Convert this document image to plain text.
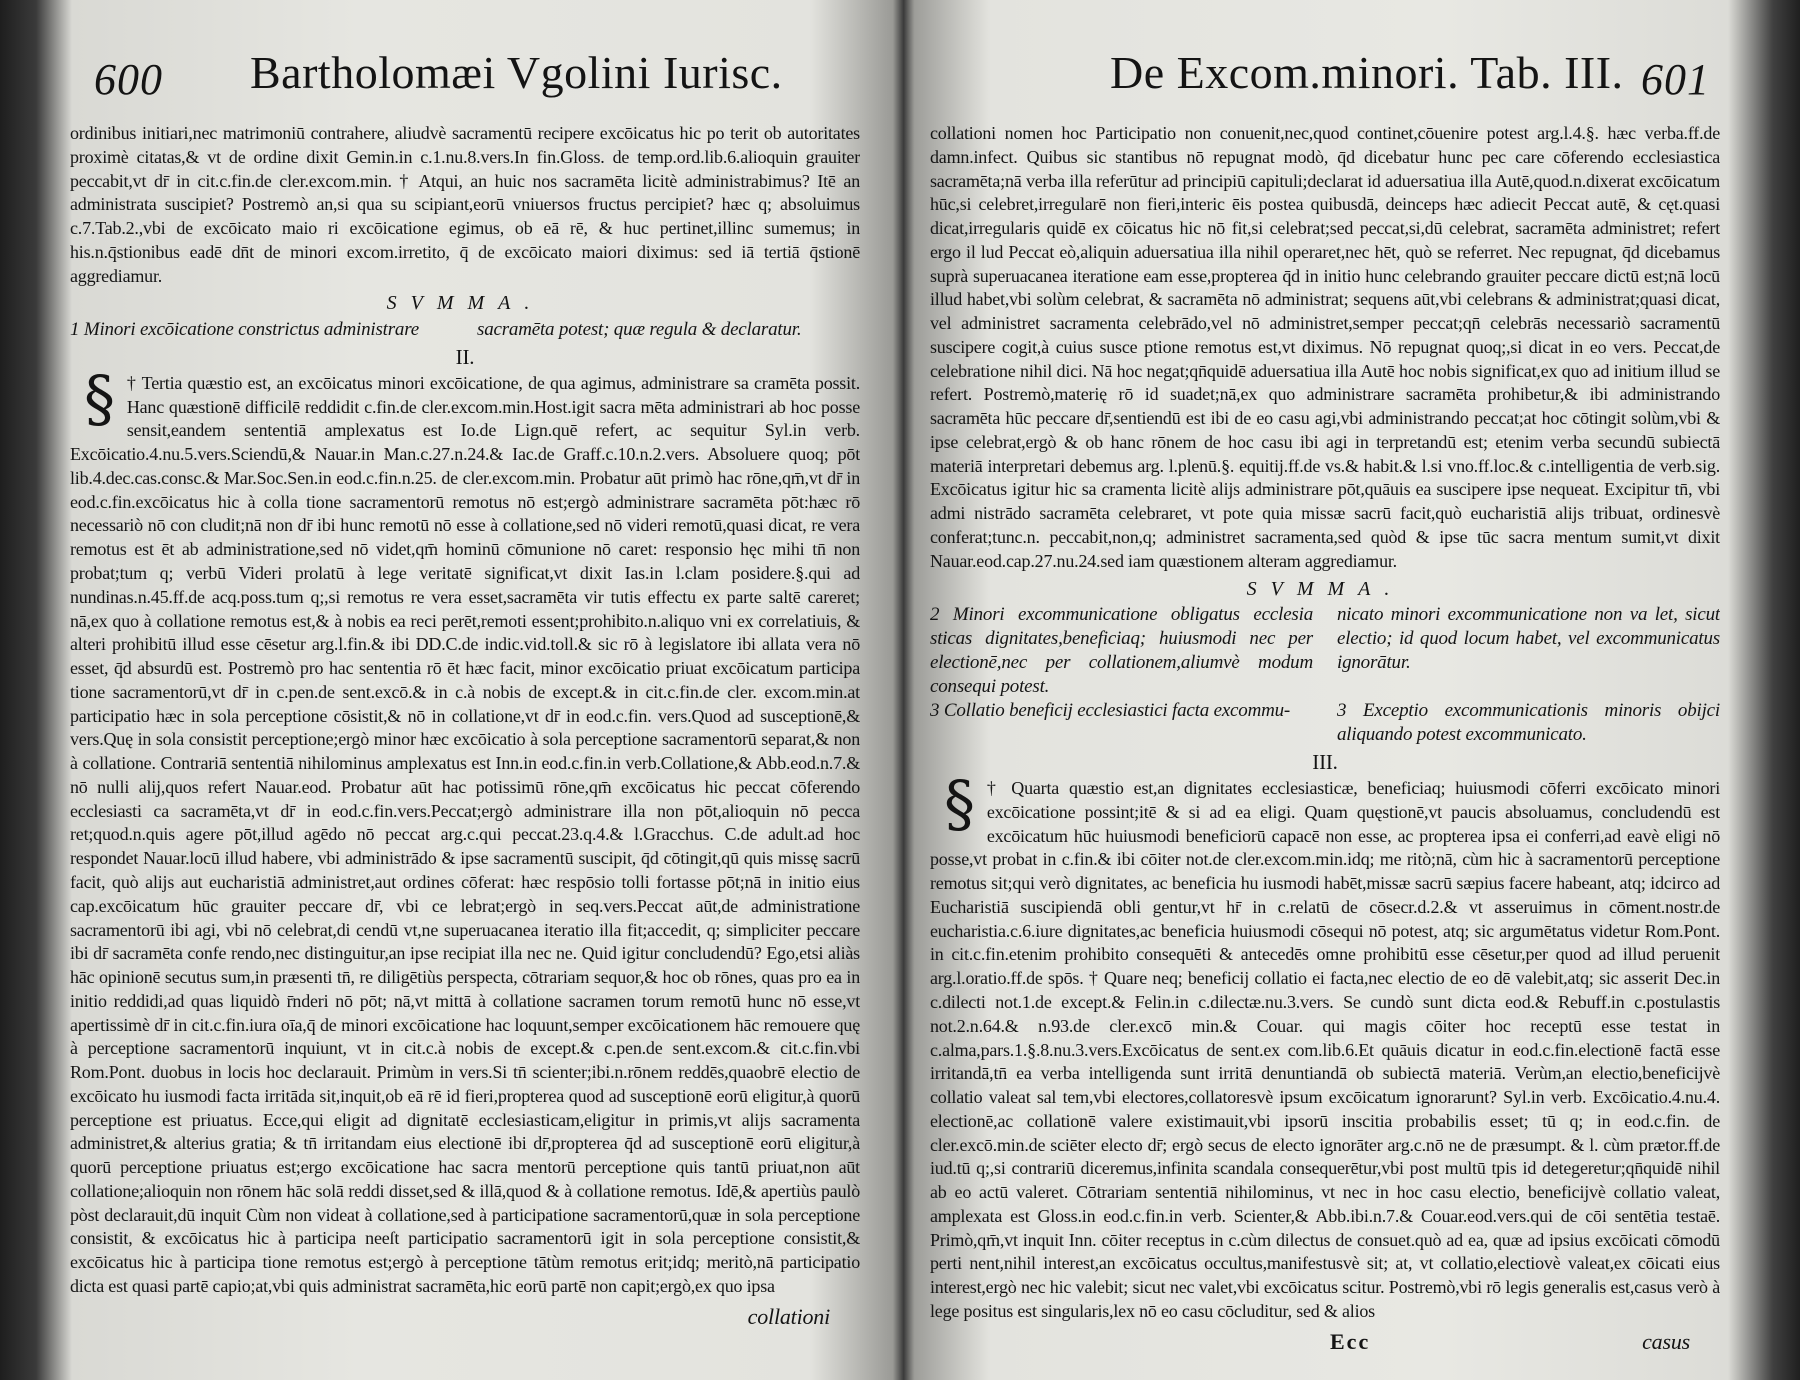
600 Bartholomæi Vgolini Iurisc.

ordinibus initiari,nec matrimoniū contrahere, aliudvè sacramentū recipere excōicatus hic po terit ob autoritates proximè citatas,& vt de ordine dixit Gemin.in c.1.nu.8.vers.In fin.Gloss. de temp.ord.lib.6.alioquin grauiter peccabit,vt dr̄ in cit.c.fin.de cler.excom.min. † Atqui, an huic nos sacramēta licitè administrabimus? Itē an administrata suscipiet? Postremò an,si qua su scipiant,eorū vniuersos fructus percipiet? hæc q; absoluimus c.7.Tab.2.,vbi de excōicato maio ri excōicatione egimus, ob eā rē, & huc pertinet,illinc sumemus; in his.n.q̄stionibus eadē dn̄t de minori excom.irretito, q̄ de excōicato maiori diximus: sed iā tertiā q̄stionē aggrediamur.

SVMMA.
1 Minori excōicatione constrictus administrare	sacramēta potest; quæ regula & declaratur.
II.

§ † Tertia quæstio est, an excōicatus minori excōicatione, de qua agimus, administrare sa cramēta possit. Hanc quæstionē difficilē reddidit c.fin.de cler.excom.min.Host.igit sacra mēta administrari ab hoc posse sensit,eandem sententiā amplexatus est Io.de Lign.quē refert, ac sequitur Syl.in verb. Excōicatio.4.nu.5.vers.Sciendū,& Nauar.in Man.c.27.n.24.& Iac.de Graff.c.10.n.2.vers. Absoluere quoq; pōt lib.4.dec.cas.consc.& Mar.Soc.Sen.in eod.c.fin.n.25. de cler.excom.min. Probatur aūt primò hac rōne,qm̄,vt dr̄ in eod.c.fin.excōicatus hic à colla tione sacramentorū remotus nō est;ergò administrare sacramēta pōt:hæc rō necessariò nō con cludit;nā non dr̄ ibi hunc remotū nō esse à collatione,sed nō videri remotū,quasi dicat, re vera remotus est ēt ab administratione,sed nō videt,qm̄ hominū cōmunione nō caret: responsio hęc mihi tn̄ non probat;tum q; verbū Videri prolatū à lege veritatē significat,vt dixit Ias.in l.clam posidere.§.qui ad nundinas.n.45.ff.de acq.poss.tum q;,si remotus re vera esset,sacramēta vir tutis effectu ex parte saltē careret; nā,ex quo à collatione remotus est,& à nobis ea reci perēt,remoti essent;prohibito.n.aliquo vni ex correlatiuis, & alteri prohibitū illud esse cēsetur arg.l.fin.& ibi DD.C.de indic.vid.toll.& sic rō à legislatore ibi allata vera nō esset, q̄d absurdū est. Postremò pro hac sententia rō ēt hæc facit, minor excōicatio priuat excōicatum participa tione sacramentorū,vt dr̄ in c.pen.de sent.excō.& in c.à nobis de except.& in cit.c.fin.de cler. excom.min.at participatio hæc in sola perceptione cōsistit,& nō in collatione,vt dr̄ in eod.c.fin. vers.Quod ad susceptionē,& vers.Quę in sola consistit perceptione;ergò minor hæc excōicatio à sola perceptione sacramentorū separat,& non à collatione. Contrariā sententiā nihilominus amplexatus est Inn.in eod.c.fin.in verb.Collatione,& Abb.eod.n.7.& nō nulli alij,quos refert Nauar.eod. Probatur aūt hac potissimū rōne,qm̄ excōicatus hic peccat cōferendo ecclesiasti ca sacramēta,vt dr̄ in eod.c.fin.vers.Peccat;ergò administrare illa non pōt,alioquin nō pecca ret;quod.n.quis agere pōt,illud agēdo nō peccat arg.c.qui peccat.23.q.4.& l.Gracchus. C.de adult.ad hoc respondet Nauar.locū illud habere, vbi administrādo & ipse sacramentū suscipit, q̄d cōtingit,qū quis missę sacrū facit, quò alijs aut eucharistiā administret,aut ordines cōferat: hæc respōsio tolli fortasse pōt;nā in initio eius cap.excōicatum hūc grauiter peccare dr̄, vbi ce lebrat;ergò in seq.vers.Peccat aūt,de administratione sacramentorū ibi agi, vbi nō celebrat,di cendū vt,ne superuacanea iteratio illa fit;accedit, q; simpliciter peccare ibi dr̄ sacramēta confe rendo,nec distinguitur,an ipse recipiat illa nec ne. Quid igitur concludendū? Ego,etsi aliàs hāc opinionē secutus sum,in præsenti tn̄, re diligētiùs perspecta, cōtrariam sequor,& hoc ob rōnes, quas pro ea in initio reddidi,ad quas liquidò r̄nderi nō pōt; nā,vt mittā à collatione sacramen torum remotū hunc nō esse,vt apertissimè dr̄ in cit.c.fin.iura oīa,q̄ de minori excōicatione hac loquunt,semper excōicationem hāc remouere quę à perceptione sacramentorū inquiunt, vt in cit.c.à nobis de except.& c.pen.de sent.excom.& cit.c.fin.vbi Rom.Pont. duobus in locis hoc declarauit. Primùm in vers.Si tn̄ scienter;ibi.n.rōnem reddēs,quaobrē electio de excōicato hu iusmodi facta irritāda sit,inquit,ob eā rē id fieri,propterea quod ad susceptionē eorū eligitur,à quorū perceptione est priuatus. Ecce,qui eligit ad dignitatē ecclesiasticam,eligitur in primis,vt alijs sacramenta administret,& alterius gratia; & tn̄ irritandam eius electionē ibi dr̄,propterea q̄d ad susceptionē eorū eligitur,à quorū perceptione priuatus est;ergo excōicatione hac sacra mentorū perceptione quis tantū priuat,non aūt collatione;alioquin non rōnem hāc solā reddi disset,sed & illā,quod & à collatione remotus. Idē,& apertiùs paulò pòst declarauit,dū inquit Cùm non videat à collatione,sed à participatione sacramentorū,quæ in sola perceptione consistit, & excōicatus hic à participa neeſt participatio sacramentorū igit in sola perceptione consistit,& excōicatus hic à participa tione remotus est;ergò à perceptione tātùm remotus erit;idq; meritò,nā participatio dicta est quasi partē capio;at,vbi quis administrat sacramēta,hic eorū partē non capit;ergò,ex quo ipsa

collationi
De Excom.minori. Tab. III. 601

collationi nomen hoc Participatio non conuenit,nec,quod continet,cōuenire potest arg.l.4.§. hæc verba.ff.de damn.infect. Quibus sic stantibus nō repugnat modò, q̄d dicebatur hunc pec care cōferendo ecclesiastica sacramēta;nā verba illa referūtur ad principiū capituli;declarat id aduersatiua illa Autē,quod.n.dixerat excōicatum hūc,si celebret,irregularē non fieri,interic ēis postea quibusdā, deinceps hæc adiecit Peccat autē, & cęt.quasi dicat,irregularis quidē ex cōicatus hic nō fit,si celebrat;sed peccat,si,dū celebrat, sacramēta administret; refert ergo il lud Peccat eò,aliquin aduersatiua illa nihil operaret,nec hēt, quò se referret. Nec repugnat, q̄d dicebamus suprà superuacanea iteratione eam esse,propterea q̄d in initio hunc celebrando grauiter peccare dictū est;nā locū illud habet,vbi solùm celebrat, & sacramēta nō administrat; sequens aūt,vbi celebrans & administrat;quasi dicat, vel administret sacramenta celebrādo,vel nō administret,semper peccat;qn̄ celebrās necessariò sacramentū suscipere cogit,à cuius susce ptione remotus est,vt diximus. Nō repugnat quoq;,si dicat in eo vers. Peccat,de celebratione nihil dici. Nā hoc negat;qn̄quidē aduersatiua illa Autē hoc nobis significat,ex quo ad initium illud se refert. Postremò,materię rō id suadet;nā,ex quo administrare sacramēta prohibetur,& ibi administrando sacramēta hūc peccare dr̄,sentiendū est ibi de eo casu agi,vbi administrando peccat;at hoc cōtingit solùm,vbi & ipse celebrat,ergò & ob hanc rōnem de hoc casu ibi agi in terpretandū est; etenim verba secundū subiectā materiā interpretari debemus arg. l.plenū.§. equitij.ff.de vs.& habit.& l.si vno.ff.loc.& c.intelligentia de verb.sig. Excōicatus igitur hic sa cramenta licitè alijs administrare pōt,quāuis ea suscipere ipse nequeat. Excipitur tn̄, vbi admi nistrādo sacramēta celebraret, vt pote quia missæ sacrū facit,quò eucharistiā alijs tribuat, ordinesvè conferat;tunc.n. peccabit,non,q; administret sacramenta,sed quòd & ipse tūc sacra mentum sumit,vt dixit Nauar.eod.cap.27.nu.24.sed iam quæstionem alteram aggrediamur.

SVMMA.
2 Minori excommunicatione obligatus ecclesia sticas dignitates,beneficiaq; huiusmodi nec per electionē,nec per collationem,aliumvè modum consequi potest.
nicato minori excommunicatione non va let, sicut electio; id quod locum habet, vel excommunicatus ignorātur.
3 Collatio beneficij ecclesiastici facta excommu-	3 Exceptio excommunicationis minoris obijci aliquando potest excommunicato.
III.

§ † Quarta quæstio est,an dignitates ecclesiasticæ, beneficiaq; huiusmodi cōferri excōicato minori excōicatione possint;itē & si ad ea eligi. Quam quęstionē,vt paucis absoluamus, concludendū est excōicatum hūc huiusmodi beneficiorū capacē non esse, ac propterea ipsa ei conferri,ad eavè eligi nō posse,vt probat in c.fin.& ibi cōiter not.de cler.excom.min.idq; me ritò;nā, cùm hic à sacramentorū perceptione remotus sit;qui verò dignitates, ac beneficia hu iusmodi habēt,missæ sacrū sæpius facere habeant, atq; idcirco ad Eucharistiā suscipiendā obli gentur,vt hr̄ in c.relatū de cōsecr.d.2.& vt asseruimus in cōment.nostr.de eucharistia.c.6.iure dignitates,ac beneficia huiusmodi cōsequi nō potest, atq; sic argumētatus videtur Rom.Pont. in cit.c.fin.etenim prohibito consequēti & antecedēs omne prohibitū esse cēsetur,per quod ad illud peruenit arg.l.oratio.ff.de spōs. † Quare neq; beneficij collatio ei facta,nec electio de eo dē valebit,atq; sic asserit Dec.in c.dilecti not.1.de except.& Felin.in c.dilectæ.nu.3.vers. Se cundò sunt dicta eod.& Rebuff.in c.postulastis not.2.n.64.& n.93.de cler.excō min.& Couar. qui magis cōiter hoc receptū esse testat in c.alma,pars.1.§.8.nu.3.vers.Excōicatus de sent.ex com.lib.6.Et quāuis dicatur in eod.c.fin.electionē factā esse irritandā,tn̄ ea verba intelligenda sunt irritā denuntiandā ob subiectā materiā. Verùm,an electio,beneficijvè collatio valeat sal tem,vbi electores,collatoresvè ipsum excōicatum ignorarunt? Syl.in verb. Excōicatio.4.nu.4. electionē,ac collationē valere existimauit,vbi ipsorū inscitia probabilis esset; tū q; in eod.c.fin. de cler.excō.min.de sciēter electo dr̄; ergò secus de electo ignorāter arg.c.nō ne de præsumpt. & l. cùm prætor.ff.de iud.tū q;,si contrariū diceremus,infinita scandala consequerētur,vbi post multū tpis id detegeretur;qn̄quidē nihil ab eo actū valeret. Cōtrariam sententiā nihilominus, vt nec in hoc casu electio, beneficijvè collatio valeat, amplexata est Gloss.in eod.c.fin.in verb. Scienter,& Abb.ibi.n.7.& Couar.eod.vers.qui de cōi sentētia testaē. Primò,qm̄,vt inquit Inn. cōiter receptus in c.cùm dilectus de consuet.quò ad ea, quæ ad ipsius excōicati cōmodū perti nent,nihil interest,an excōicatus occultus,manifestusvè sit; at, vt collatio,electiovè valeat,ex cōicati eius interest,ergò nec hic valebit; sicut nec valet,vbi excōicatus scitur. Postremò,vbi rō legis generalis est,casus verò à lege positus est singularis,lex nō eo casu cōcluditur, sed & alios

Ecc	casus
